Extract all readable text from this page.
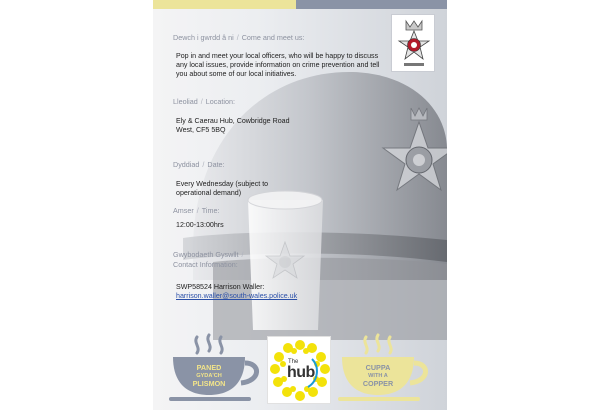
Dewch i gwrdd â ni / Come and meet us:
Pop in and meet your local officers, who will be happy to discuss any local issues, provide information on crime prevention and tell you about some of our local initiatives.
Lleoliad / Location:
Ely & Caerau Hub, Cowbridge Road
West, CF5 5BQ
Dyddiad / Date:
Every Wednesday (subject to
operational demand)
Amser / Time:
12:00-13:00hrs
Gwybodaeth Gyswllt /
Contact Information:
SWP58524 Harrison Waller:
harrison.waller@south-wales.police.uk
PANED
GYDA'CH
PLISMON
The
hub	CUPPA
WITH A
COPPER
